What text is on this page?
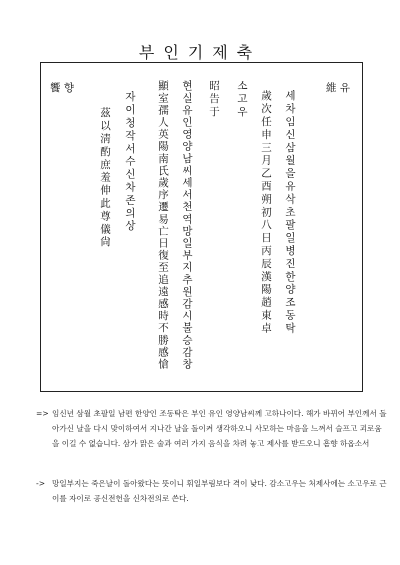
부인기제축
維 유
饗 향
세차임신삼월을유삭초팔일병진한양조동탁
歲次任申三月乙酉朔初八日丙辰漢陽趙東卓
소고우
昭告于
현실유인영양남씨세서천역망일부지추원감시불승감창
顯室孺人英陽南氏歲序遷易亡日復至追遠感時不勝感愴
자이청작서수신차존의상
茲以淸酌庶羞伸此尊儀尙
=> 임신년 삼월 초팔일 남편 한양인 조동탁은 부인 유인 영양남씨께 고하나이다. 해가 바뀌어 부인께서 돌아가신 날을 다시 맞이하여서 지나간 날을 돌이켜 생각하오니 사모하는 마음을 느껴서 슬프고 괴로움을 이길 수 없습니다. 삼가 맑은 술과 여러 가지 음식을 차려 놓고 제사를 받드오니 흠향 하옵소서
-> 망일부지는 죽은날이 돌아왔다는 뜻이니 휘일부림보다 격이 낮다. 감소고우는 처제사에는 소고우로 근이를 자이로 공신전헌을 신차전의로 쓴다.
